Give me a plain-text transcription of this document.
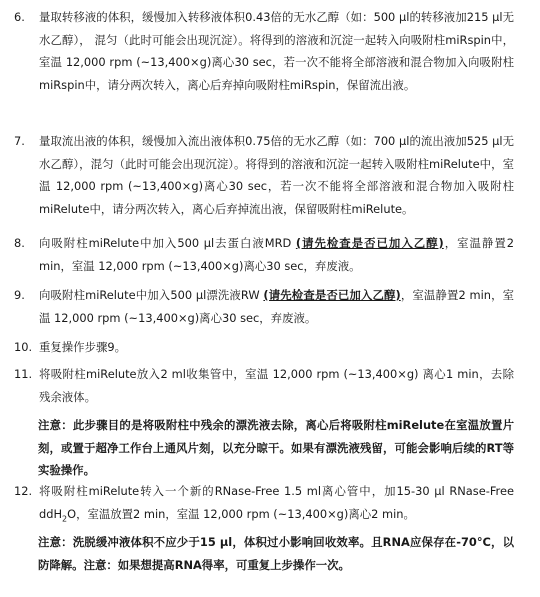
6.	量取转移液的体积，缓慢加入转移液体积0.43倍的无水乙醇（如：500 µl的转移液加215 µl无水乙醇）， 混匀（此时可能会出现沉淀）。将得到的溶液和沉淀一起转入向吸附柱miRspin中，室温 12,000 rpm (~13,400×g)离心30 sec，若一次不能将全部溶液和混合物加入向吸附柱miRspin中，请分两次转入，离心后弃掉向吸附柱miRspin，保留流出液。
7.	量取流出液的体积，缓慢加入流出液体积0.75倍的无水乙醇（如：700 µl的流出液加525 µl无水乙醇），混匀（此时可能会出现沉淀）。将得到的溶液和沉淀一起转入吸附柱miRelute中，室温 12,000 rpm (~13,400×g)离心30 sec，若一次不能将全部溶液和混合物加入吸附柱miRelute中，请分两次转入，离心后弃掉流出液，保留吸附柱miRelute。
8.	向吸附柱miRelute中加入500 µl去蛋白液MRD (请先检查是否已加入乙醇)，室温静置2 min，室温 12,000 rpm (~13,400×g)离心30 sec，弃废液。
9.	向吸附柱miRelute中加入500 µl漂洗液RW (请先检查是否已加入乙醇)，室温静置2 min，室温 12,000 rpm (~13,400×g)离心30 sec，弃废液。
10. 重复操作步骤9。
11. 将吸附柱miRelute放入2 ml收集管中，室温 12,000 rpm (~13,400×g) 离心1 min，去除残余液体。
注意：此步骤目的是将吸附柱中残余的漂洗液去除，离心后将吸附柱miRelute在室温放置片刻，或置于超净工作台上通风片刻，以充分晾干。如果有漂洗液残留，可能会影响后续的RT等实验操作。
12. 将吸附柱miRelute转入一个新的RNase-Free 1.5 ml离心管中，加15-30 µl RNase-Free ddH$_2$O，室温放置2 min，室温 12,000 rpm (~13,400×g)离心2 min。
注意：洗脱缓冲液体积不应少于15 µl，体积过小影响回收效率。且RNA应保存在-70°C，以防降解。注意：如果想提高RNA得率，可重复上步操作一次。
